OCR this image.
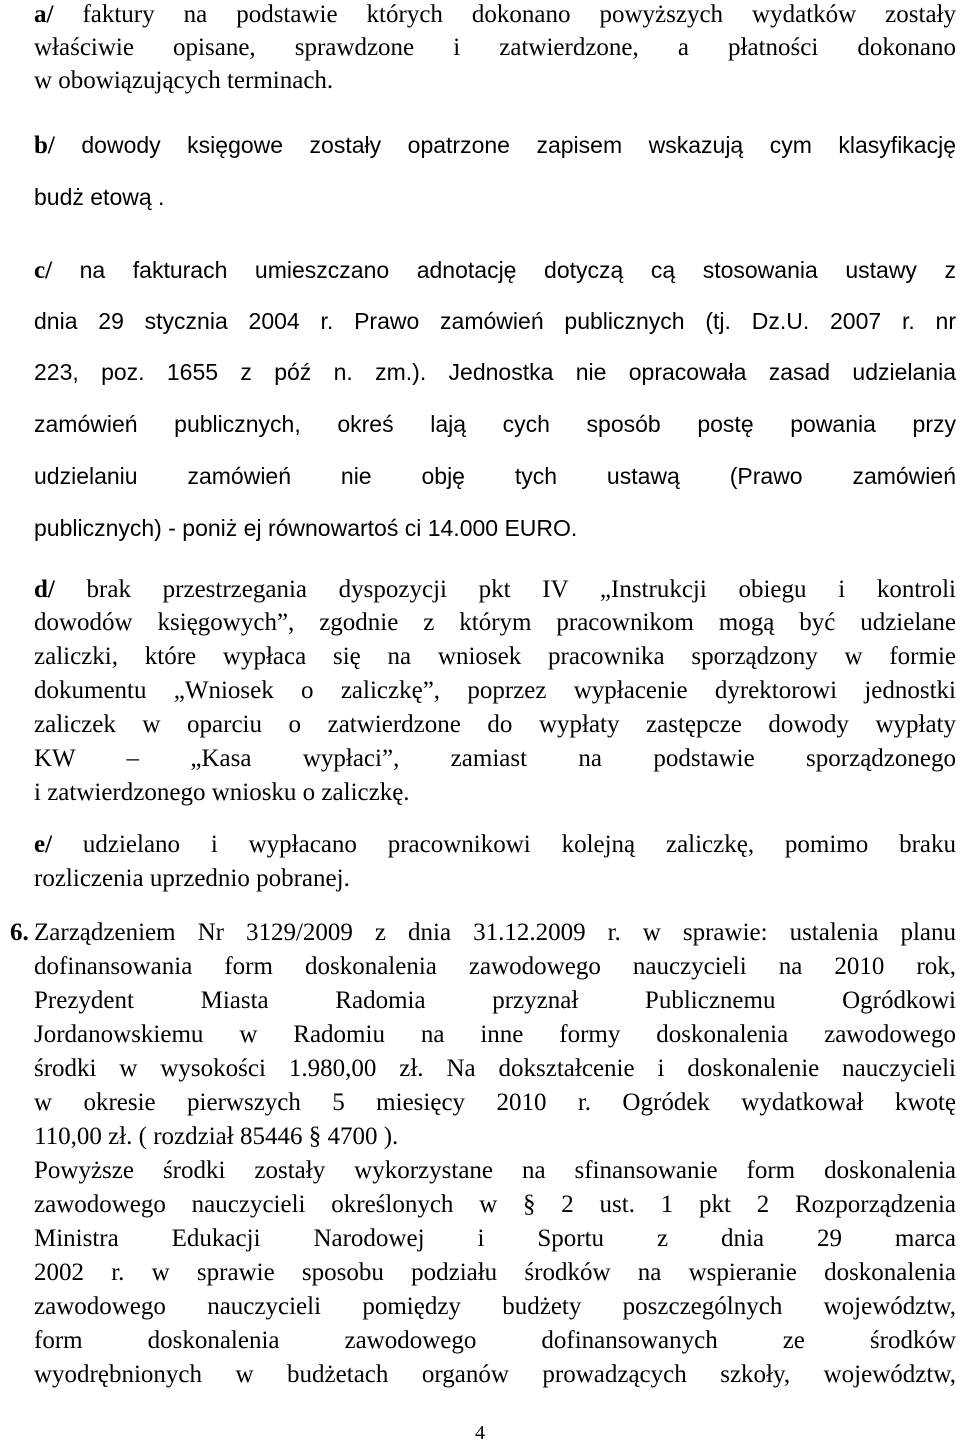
a/ faktury na podstawie których dokonano powyższych wydatków zostały
właściwie opisane, sprawdzone i zatwierdzone, a płatności dokonano
w obowiązujących terminach.
b/ dowody księgowe zostały opatrzone zapisem wskazują cym klasyfikację
budż etową .
c/ na fakturach umieszczano adnotację dotyczą cą stosowania ustawy z
dnia 29 stycznia 2004 r. Prawo zamówień publicznych (tj. Dz.U. 2007 r. nr
223, poz. 1655 z póź n. zm.). Jednostka nie opracowała zasad udzielania
zamówień publicznych, okreś lają cych sposób postę powania przy
udzielaniu zamówień nie obję tych ustawą (Prawo zamówień
publicznych) - poniż ej równowartoś ci 14.000 EURO.
d/ brak przestrzegania dyspozycji pkt IV „Instrukcji obiegu i kontroli
dowodów księgowych”, zgodnie z którym pracownikom mogą być udzielane
zaliczki, które wypłaca się na wniosek pracownika sporządzony w formie
dokumentu „Wniosek o zaliczkę”, poprzez wypłacenie dyrektorowi jednostki
zaliczek w oparciu o zatwierdzone do wypłaty zastępcze dowody wypłaty
KW – „Kasa wypłaci”, zamiast na podstawie sporządzonego
i zatwierdzonego wniosku o zaliczkę.
e/ udzielano i wypłacano pracownikowi kolejną zaliczkę, pomimo braku
rozliczenia uprzednio pobranej.
6. Zarządzeniem Nr 3129/2009 z dnia 31.12.2009 r. w sprawie: ustalenia planu
dofinansowania form doskonalenia zawodowego nauczycieli na 2010 rok,
Prezydent Miasta Radomia przyznał Publicznemu Ogródkowi
Jordanowskiemu w Radomiu na inne formy doskonalenia zawodowego
środki w wysokości 1.980,00 zł. Na dokształcenie i doskonalenie nauczycieli
w okresie pierwszych 5 miesięcy 2010 r. Ogródek wydatkował kwotę
110,00 zł. ( rozdział 85446 § 4700 ).
Powyższe środki zostały wykorzystane na sfinansowanie form doskonalenia
zawodowego nauczycieli określonych w § 2 ust. 1 pkt 2 Rozporządzenia
Ministra Edukacji Narodowej i Sportu z dnia 29 marca
2002 r. w sprawie sposobu podziału środków na wspieranie doskonalenia
zawodowego nauczycieli pomiędzy budżety poszczególnych województw,
form doskonalenia zawodowego dofinansowanych ze środków
wyodrębnionych w budżetach organów prowadzących szkoły, województw,
4
